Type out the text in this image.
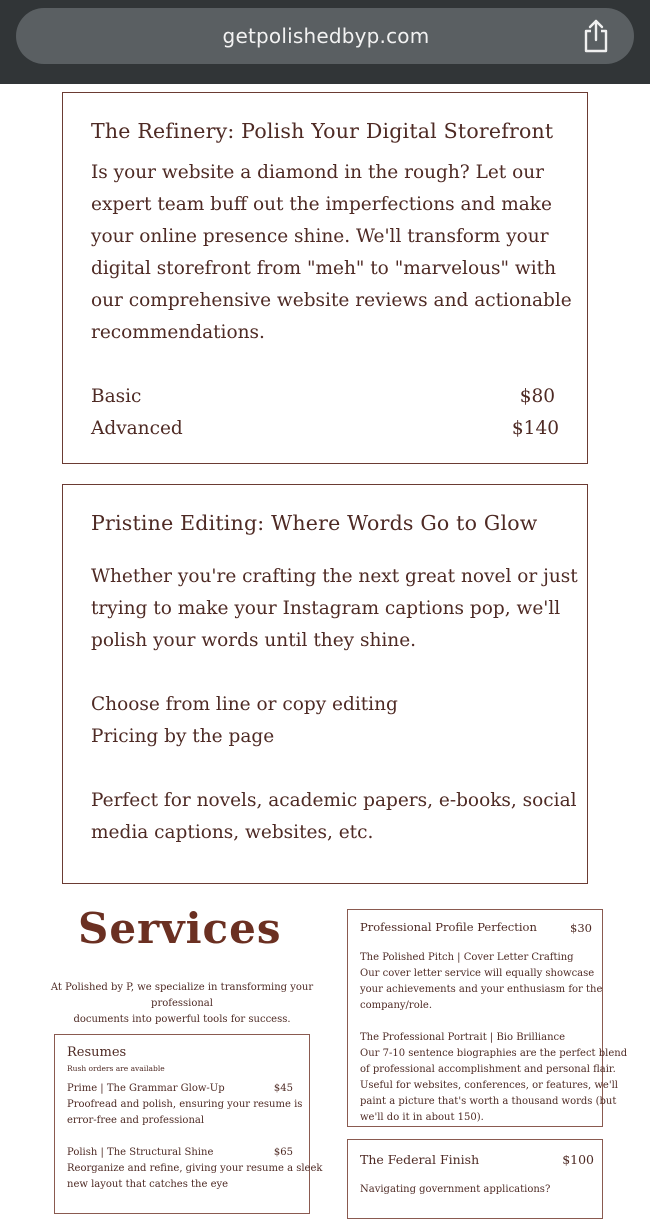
getpolishedbyp.com
The Refinery: Polish Your Digital Storefront
Is your website a diamond in the rough? Let our
expert team buff out the imperfections and make
your online presence shine. We'll transform your
digital storefront from "meh" to "marvelous" with
our comprehensive website reviews and actionable
recommendations.
Basic	$80
Advanced	$140
Pristine Editing: Where Words Go to Glow
Whether you're crafting the next great novel or just
trying to make your Instagram captions pop, we'll
polish your words until they shine.
Choose from line or copy editing
Pricing by the page
Perfect for novels, academic papers, e-books, social
media captions, websites, etc.
Services
At Polished by P, we specialize in transforming your professional
documents into powerful tools for success.
Resumes
Rush orders are available
Prime | The Grammar Glow-Up	$45
Proofread and polish, ensuring your resume is
error-free and professional
Polish | The Structural Shine	$65
Reorganize and refine, giving your resume a sleek
new layout that catches the eye
Professional Profile Perfection	$30
The Polished Pitch | Cover Letter Crafting
Our cover letter service will equally showcase
your achievements and your enthusiasm for the
company/role.
The Professional Portrait | Bio Brilliance
Our 7-10 sentence biographies are the perfect blend
of professional accomplishment and personal flair.
Useful for websites, conferences, or features, we'll
paint a picture that's worth a thousand words (but
we'll do it in about 150).
The Federal Finish	$100
Navigating government applications?
